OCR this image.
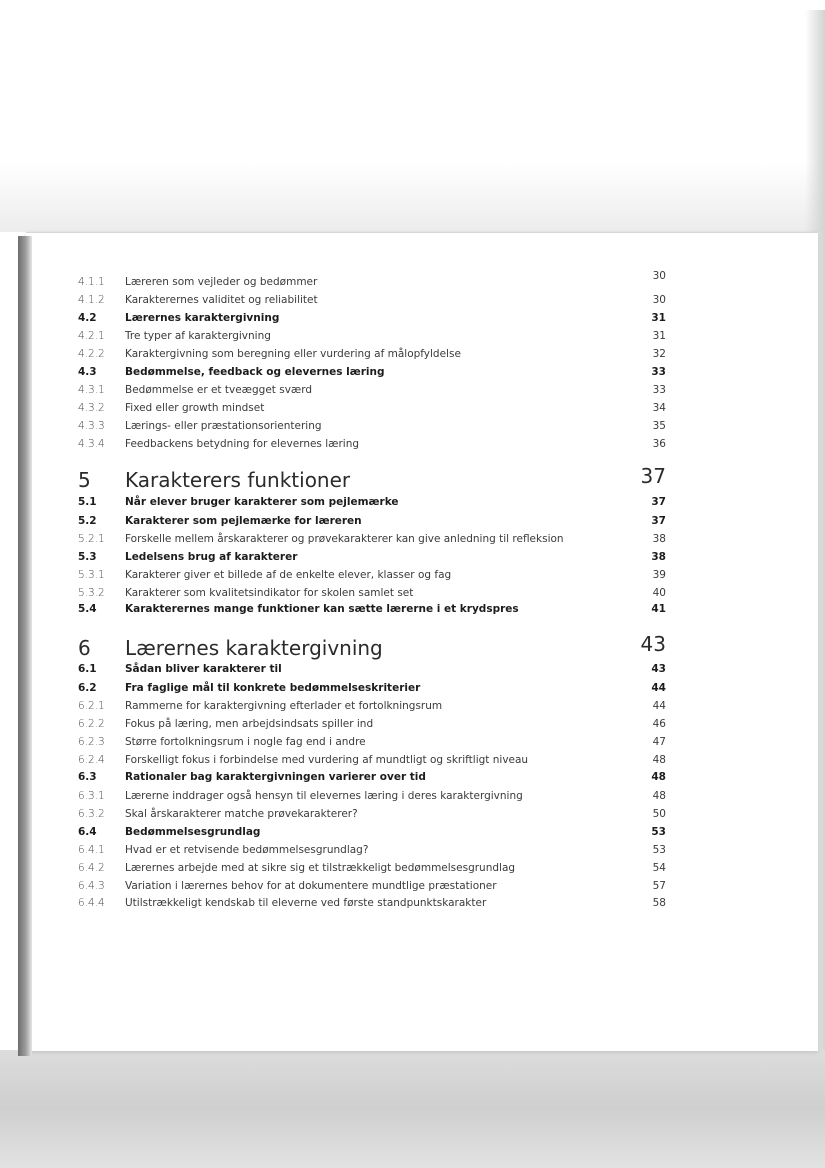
4.1.1 Læreren som vejleder og bedømmer	30
4.1.2 Karakterernes validitet og reliabilitet	30
4.2	Lærernes karaktergivning	31
4.2.1 Tre typer af karaktergivning	31
4.2.2 Karaktergivning som beregning eller vurdering af målopfyldelse	32
4.3	Bedømmelse, feedback og elevernes læring	33
4.3.1 Bedømmelse er et tveægget sværd	33
4.3.2 Fixed eller growth mindset	34
4.3.3 Lærings- eller præstationsorientering	35
4.3.4 Feedbackens betydning for elevernes læring	36
5 Karakterers funktioner	37
5.1	Når elever bruger karakterer som pejlemærke	37
5.2	Karakterer som pejlemærke for læreren	37
5.2.1 Forskelle mellem årskarakterer og prøvekarakterer kan give anledning til refleksion	38
5.3	Ledelsens brug af karakterer	38
5.3.1 Karakterer giver et billede af de enkelte elever, klasser og fag	39
5.3.2 Karakterer som kvalitetsindikator for skolen samlet set	40
5.4	Karakterernes mange funktioner kan sætte lærerne i et krydspres	41
6 Lærernes karaktergivning	43
6.1	Sådan bliver karakterer til	43
6.2	Fra faglige mål til konkrete bedømmelseskriterier	44
6.2.1 Rammerne for karaktergivning efterlader et fortolkningsrum	44
6.2.2 Fokus på læring, men arbejdsindsats spiller ind	46
6.2.3 Større fortolkningsrum i nogle fag end i andre	47
6.2.4 Forskelligt fokus i forbindelse med vurdering af mundtligt og skriftligt niveau	48
6.3	Rationaler bag karaktergivningen varierer over tid	48
6.3.1 Lærerne inddrager også hensyn til elevernes læring i deres karaktergivning	48
6.3.2 Skal årskarakterer matche prøvekarakterer?	50
6.4	Bedømmelsesgrundlag	53
6.4.1 Hvad er et retvisende bedømmelsesgrundlag?	53
6.4.2 Lærernes arbejde med at sikre sig et tilstrækkeligt bedømmelsesgrundlag	54
6.4.3 Variation i lærernes behov for at dokumentere mundtlige præstationer	57
6.4.4 Utilstrækkeligt kendskab til eleverne ved første standpunktskarakter	58
